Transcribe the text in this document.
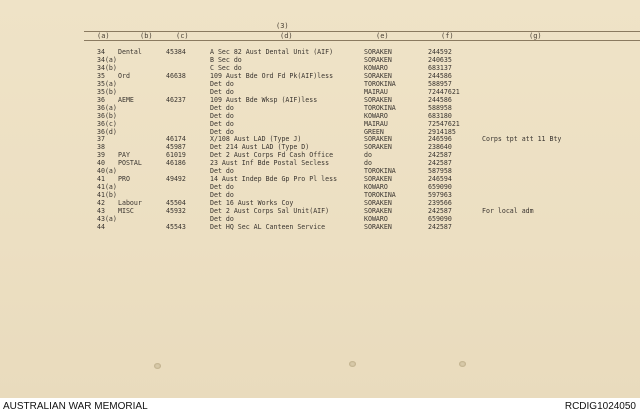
(3)
(a)	(b)	(c)	(d)	(e)	(f)	(g)
34 Dental	45384	A Sec 82 Aust Dental Unit (AIF)	SORAKEN	244592
34(a)	B Sec do	SORAKEN	240635
34(b)	C Sec do	KOWARO	683137
35 Ord	46638	109 Aust Bde Ord Fd Pk(AIF)less	SORAKEN	244586
35(a)	Det do	TOROKINA	588957
35(b)	Det do	MAIRAU	72447621
36 AEME	46237	109 Aust Bde Wksp (AIF)less	SORAKEN	244586
36(a)	Det do	TOROKINA	588958
36(b)	Det do	KOWARO	683180
36(c)	Det do	MAIRAU	72547621
36(d)	Det do	GREEN	2914185
37	46174	X/108 Aust LAD (Type J)	SORAKEN	246596	Corps tpt att 11 Bty
38	45987	Det 214 Aust LAD (Type D)	SORAKEN	238640
39 PAY	61019	Det 2 Aust Corps Fd Cash Office	do	242587
40 POSTAL	46186	23 Aust Inf Bde Postal Secless	do	242587
40(a)	Det do	TOROKINA	587958
41 PRO	49492	14 Aust Indep Bde Gp Pro Pl less	SORAKEN	246594
41(a)	Det do	KOWARO	659090
41(b)	Det do	TOROKINA	597963
42 Labour	45504	Det 16 Aust Works Coy	SORAKEN	239566
43 MISC	45932	Det 2 Aust Corps Sal Unit(AIF)	SORAKEN	242587	For local adm
43(a)	Det do	KOWARO	659090
44	45543	Det HQ Sec AL Canteen Service	SORAKEN	242587
AUSTRALIAN WAR MEMORIAL	RCDIG1024050
